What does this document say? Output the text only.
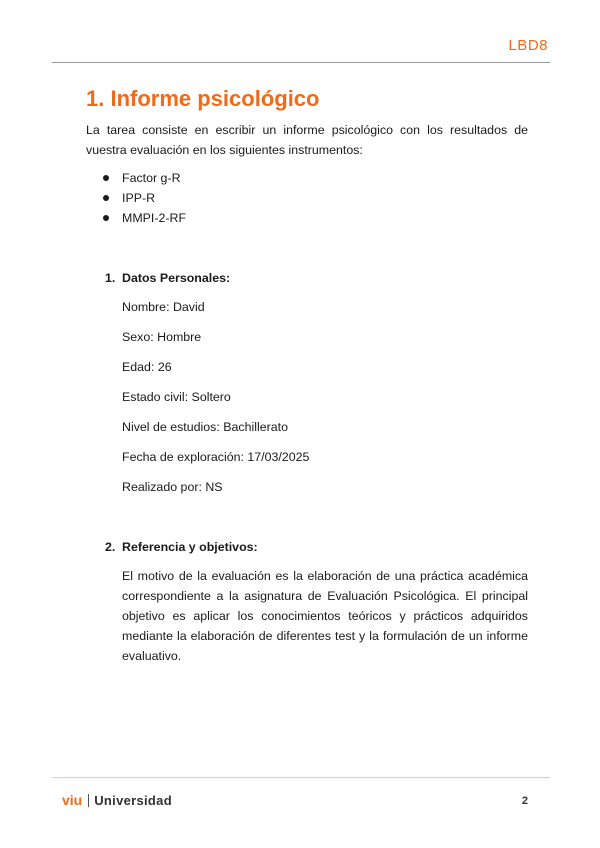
LBD8
1. Informe psicológico

La tarea consiste en escribir un informe psicológico con los resultados de vuestra evaluación en los siguientes instrumentos:

Factor g-R
IPP-R
MMPI-2-RF
1. Datos Personales:
Nombre: David
Sexo: Hombre
Edad: 26
Estado civil: Soltero
Nivel de estudios: Bachillerato
Fecha de exploración: 17/03/2025
Realizado por: NS
2. Referencia y objetivos:

El motivo de la evaluación es la elaboración de una práctica académica correspondiente a la asignatura de Evaluación Psicológica. El principal objetivo es aplicar los conocimientos teóricos y prácticos adquiridos mediante la elaboración de diferentes test y la formulación de un informe evaluativo.

viu Universidad	2
